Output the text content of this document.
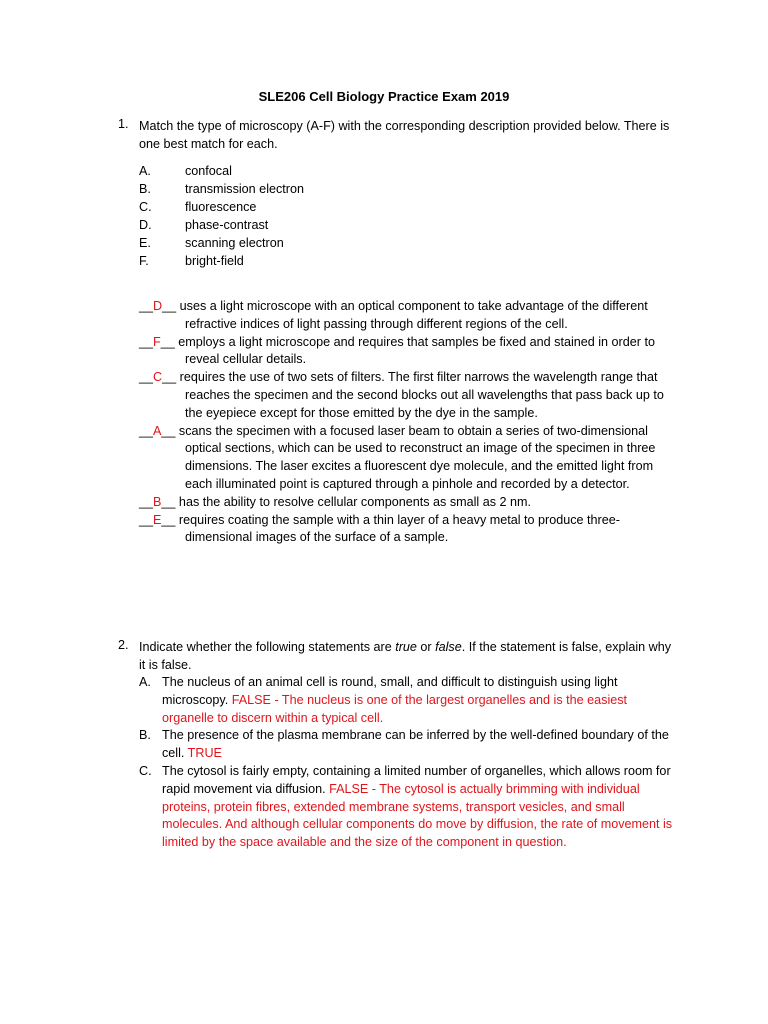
SLE206 Cell Biology Practice Exam 2019
1. Match the type of microscopy (A-F) with the corresponding description provided below. There is one best match for each.
A.	confocal
B.	transmission electron
C.	fluorescence
D.	phase-contrast
E.	scanning electron
F.	bright-field
__D__ uses a light microscope with an optical component to take advantage of the different refractive indices of light passing through different regions of the cell.
__F__ employs a light microscope and requires that samples be fixed and stained in order to reveal cellular details.
__C__ requires the use of two sets of filters. The first filter narrows the wavelength range that reaches the specimen and the second blocks out all wavelengths that pass back up to the eyepiece except for those emitted by the dye in the sample.
__A__ scans the specimen with a focused laser beam to obtain a series of two-dimensional optical sections, which can be used to reconstruct an image of the specimen in three dimensions. The laser excites a fluorescent dye molecule, and the emitted light from each illuminated point is captured through a pinhole and recorded by a detector.
__B__ has the ability to resolve cellular components as small as 2 nm.
__E__ requires coating the sample with a thin layer of a heavy metal to produce three-dimensional images of the surface of a sample.
2. Indicate whether the following statements are true or false. If the statement is false, explain why it is false.
A. The nucleus of an animal cell is round, small, and difficult to distinguish using light microscopy. FALSE - The nucleus is one of the largest organelles and is the easiest organelle to discern within a typical cell.
B. The presence of the plasma membrane can be inferred by the well-defined boundary of the cell. TRUE
C. The cytosol is fairly empty, containing a limited number of organelles, which allows room for rapid movement via diffusion. FALSE - The cytosol is actually brimming with individual proteins, protein fibres, extended membrane systems, transport vesicles, and small molecules. And although cellular components do move by diffusion, the rate of movement is limited by the space available and the size of the component in question.
